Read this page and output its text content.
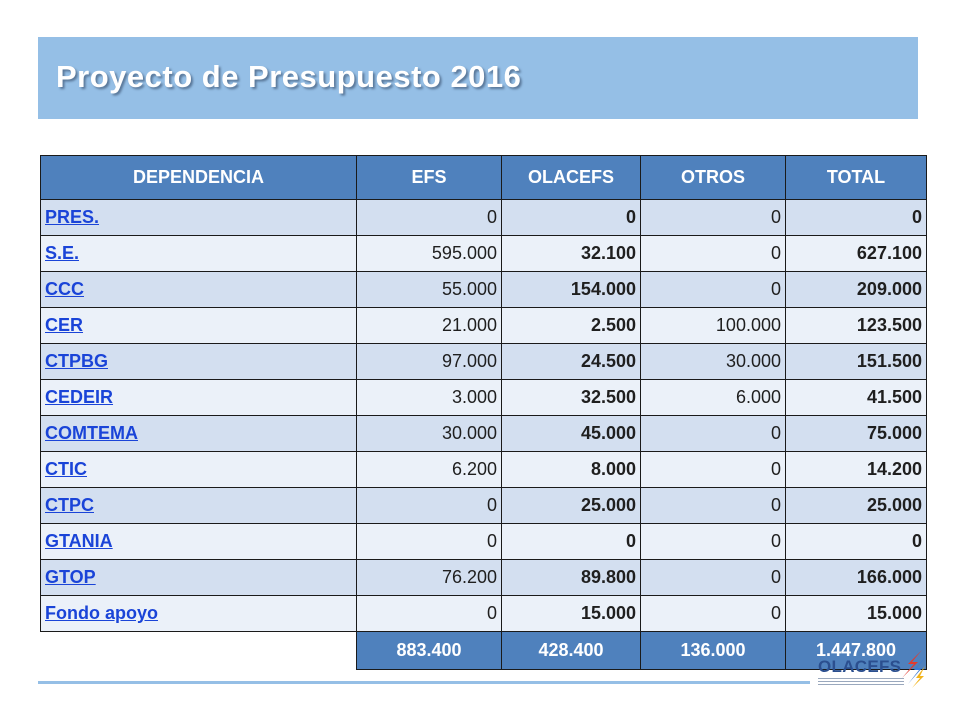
Proyecto de Presupuesto 2016
DEPENDENCIA	EFS	OLACEFS	OTROS	TOTAL
PRES.	0	0	0	0
S.E.	595.000	32.100	0	627.100
CCC	55.000	154.000	0	209.000
CER	21.000	2.500	100.000	123.500
CTPBG	97.000	24.500	30.000	151.500
CEDEIR	3.000	32.500	6.000	41.500
COMTEMA	30.000	45.000	0	75.000
CTIC	6.200	8.000	0	14.200
CTPC	0	25.000	0	25.000
GTANIA	0	0	0	0
GTOP	76.200	89.800	0	166.000
Fondo apoyo	0	15.000	0	15.000
	883.400	428.400	136.000	1.447.800
OLACEFS
